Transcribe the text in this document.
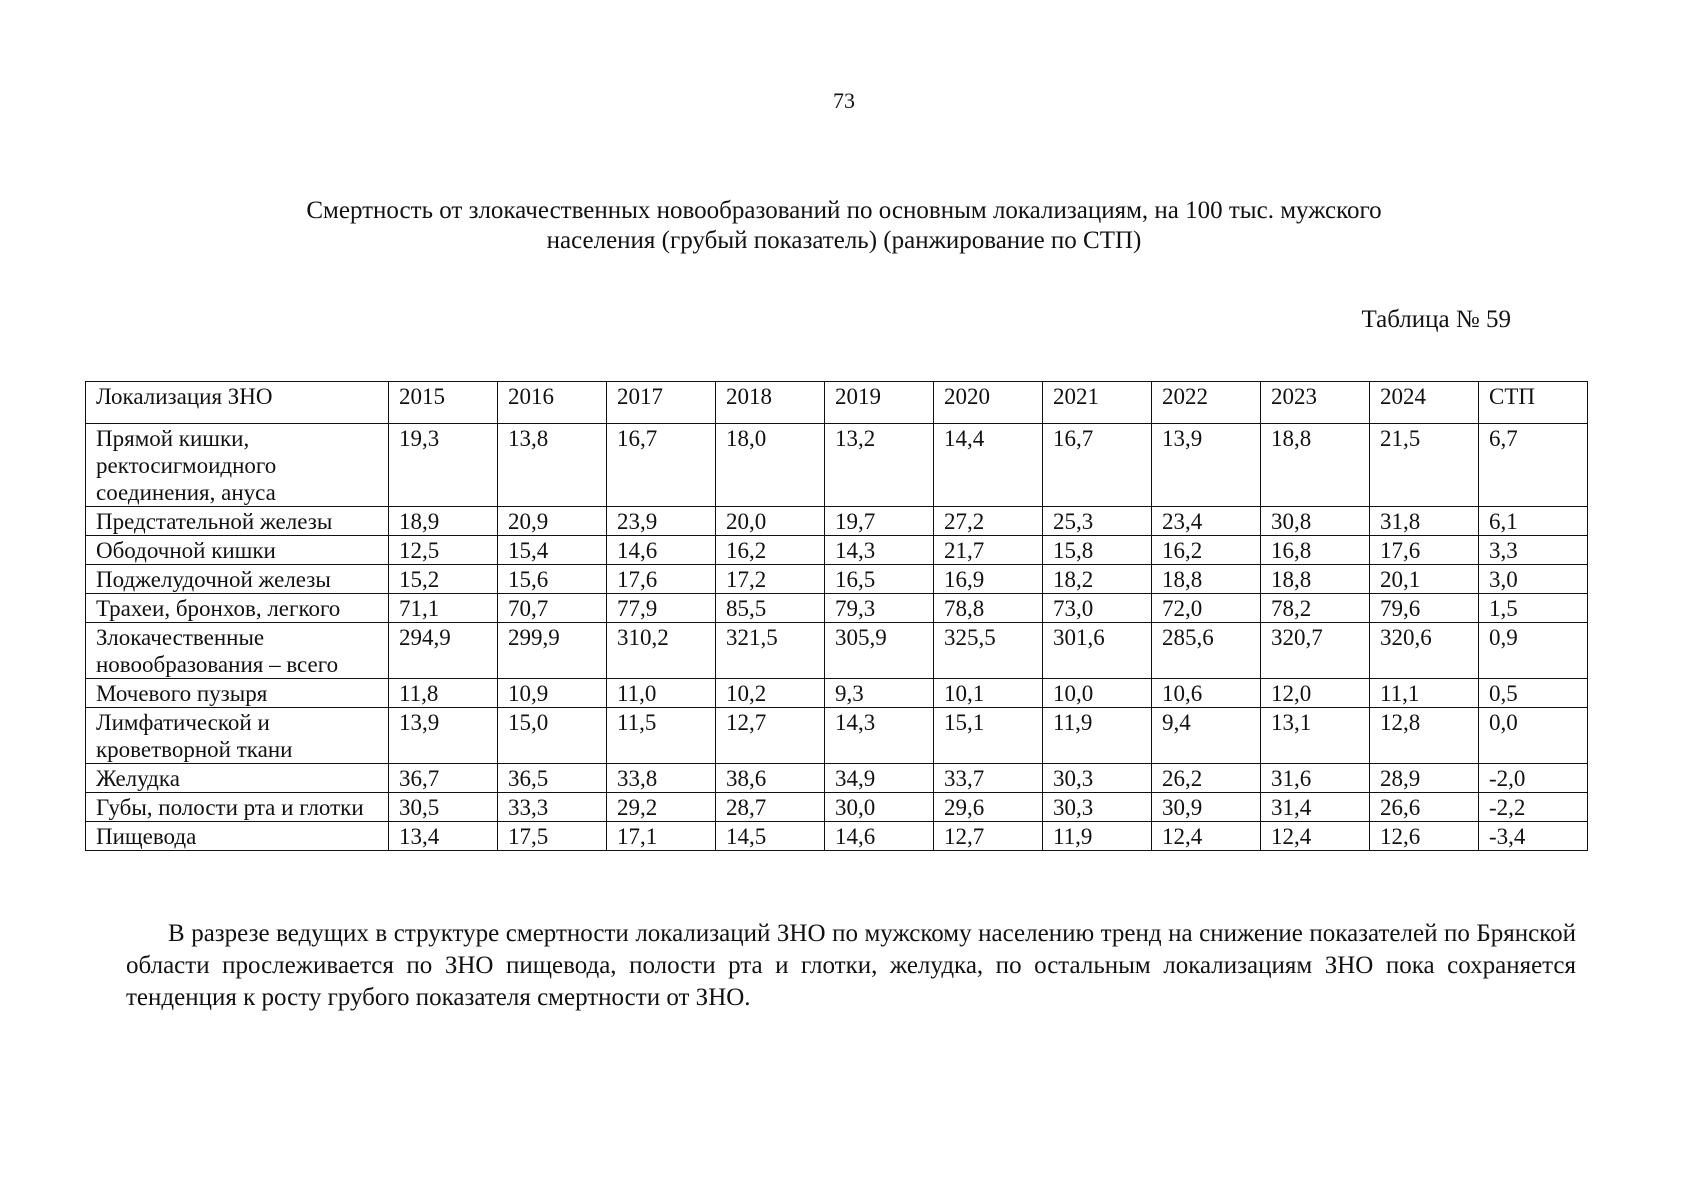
73
Смертность от злокачественных новообразований по основным локализациям, на 100 тыс. мужского
населения (грубый показатель) (ранжирование по СТП)
Таблица № 59
Локализация ЗНО	2015	2016	2017	2018	2019	2020	2021	2022	2023	2024	СТП
Прямой кишки, ректосигмоидного соединения, ануса	19,3	13,8	16,7	18,0	13,2	14,4	16,7	13,9	18,8	21,5	6,7
Предстательной железы	18,9	20,9	23,9	20,0	19,7	27,2	25,3	23,4	30,8	31,8	6,1
Ободочной кишки	12,5	15,4	14,6	16,2	14,3	21,7	15,8	16,2	16,8	17,6	3,3
Поджелудочной железы	15,2	15,6	17,6	17,2	16,5	16,9	18,2	18,8	18,8	20,1	3,0
Трахеи, бронхов, легкого	71,1	70,7	77,9	85,5	79,3	78,8	73,0	72,0	78,2	79,6	1,5
Злокачественные новообразования – всего	294,9	299,9	310,2	321,5	305,9	325,5	301,6	285,6	320,7	320,6	0,9
Мочевого пузыря	11,8	10,9	11,0	10,2	9,3	10,1	10,0	10,6	12,0	11,1	0,5
Лимфатической и кроветворной ткани	13,9	15,0	11,5	12,7	14,3	15,1	11,9	9,4	13,1	12,8	0,0
Желудка	36,7	36,5	33,8	38,6	34,9	33,7	30,3	26,2	31,6	28,9	-2,0
Губы, полости рта и глотки	30,5	33,3	29,2	28,7	30,0	29,6	30,3	30,9	31,4	26,6	-2,2
Пищевода	13,4	17,5	17,1	14,5	14,6	12,7	11,9	12,4	12,4	12,6	-3,4
В разрезе ведущих в структуре смертности локализаций ЗНО по мужскому населению тренд на снижение показателей по Брянской области прослеживается по ЗНО пищевода, полости рта и глотки, желудка, по остальным локализациям ЗНО пока сохраняется тенденция к росту грубого показателя смертности от ЗНО.
